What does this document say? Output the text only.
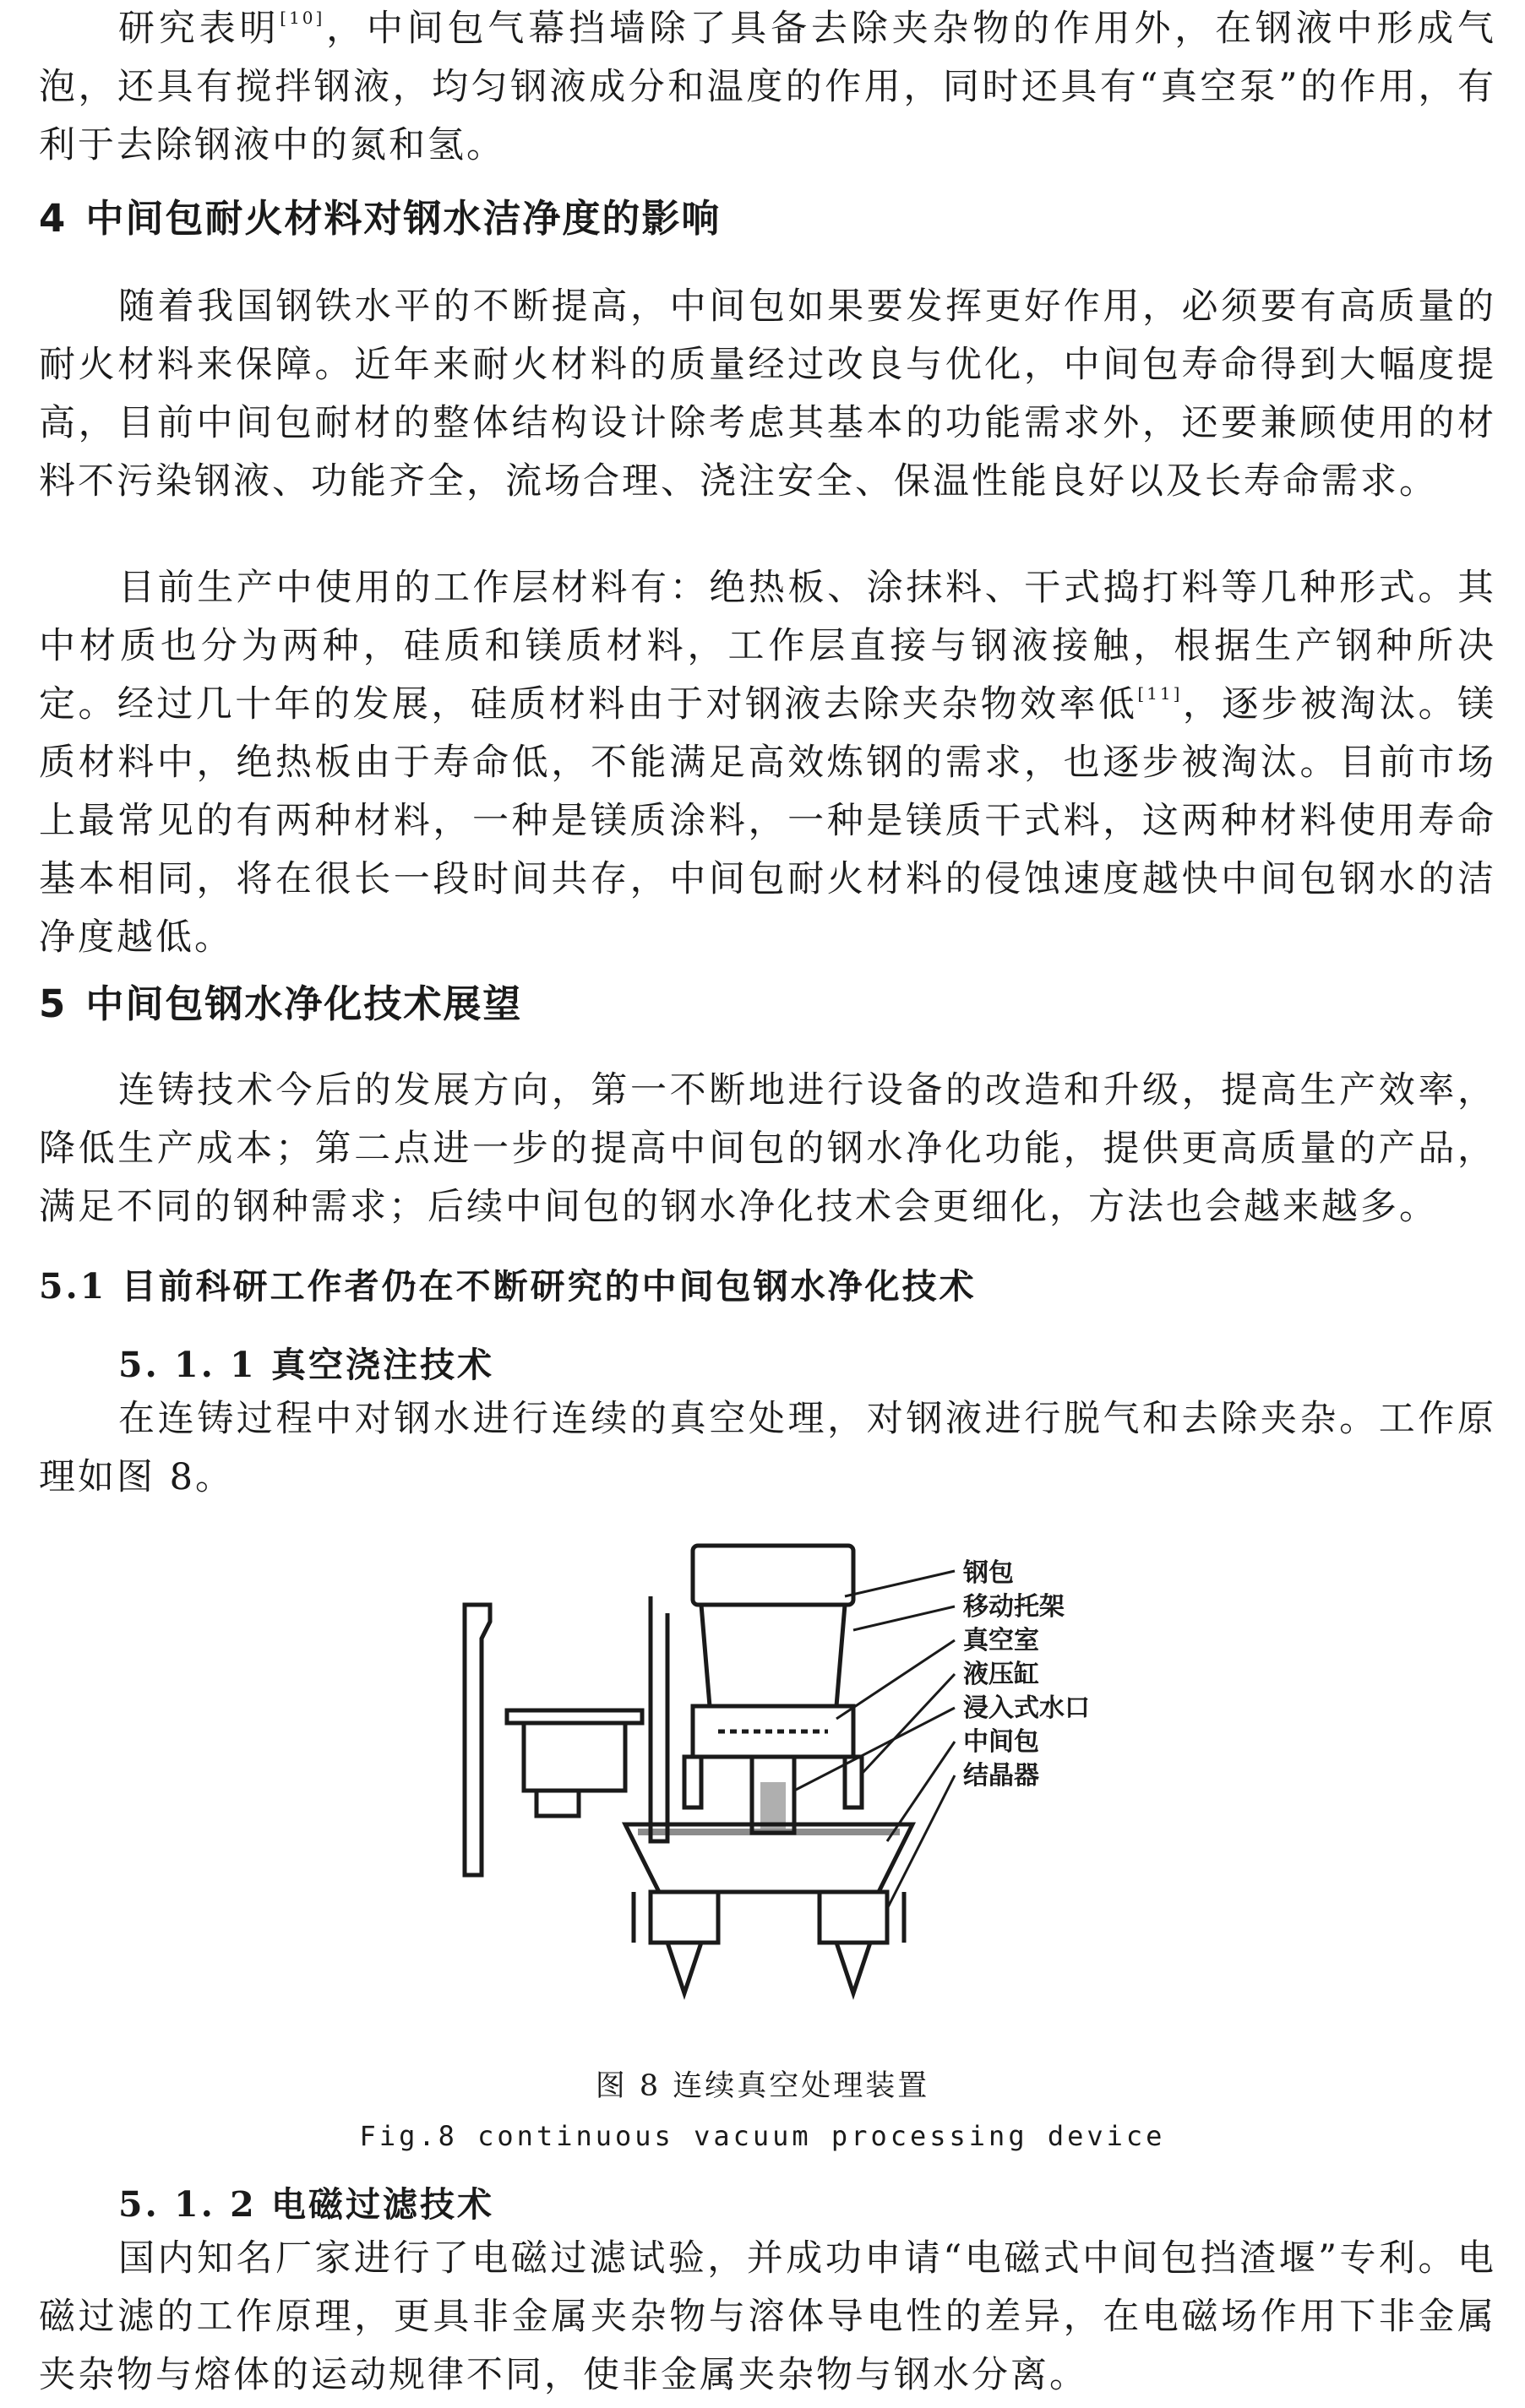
研究表明[10]，中间包气幕挡墙除了具备去除夹杂物的作用外，在钢液中形成气泡，还具有搅拌钢液，均匀钢液成分和温度的作用，同时还具有“真空泵”的作用，有利于去除钢液中的氮和氢。

4 中间包耐火材料对钢水洁净度的影响

随着我国钢铁水平的不断提高，中间包如果要发挥更好作用，必须要有高质量的耐火材料来保障。近年来耐火材料的质量经过改良与优化，中间包寿命得到大幅度提高，目前中间包耐材的整体结构设计除考虑其基本的功能需求外，还要兼顾使用的材料不污染钢液、功能齐全，流场合理、浇注安全、保温性能良好以及长寿命需求。

目前生产中使用的工作层材料有：绝热板、涂抹料、干式捣打料等几种形式。其中材质也分为两种，硅质和镁质材料，工作层直接与钢液接触，根据生产钢种所决定。经过几十年的发展，硅质材料由于对钢液去除夹杂物效率低[11]，逐步被淘汰。镁质材料中，绝热板由于寿命低，不能满足高效炼钢的需求，也逐步被淘汰。目前市场上最常见的有两种材料，一种是镁质涂料，一种是镁质干式料，这两种材料使用寿命基本相同，将在很长一段时间共存，中间包耐火材料的侵蚀速度越快中间包钢水的洁净度越低。

5 中间包钢水净化技术展望

连铸技术今后的发展方向，第一不断地进行设备的改造和升级，提高生产效率，降低生产成本；第二点进一步的提高中间包的钢水净化功能，提供更高质量的产品，满足不同的钢种需求；后续中间包的钢水净化技术会更细化，方法也会越来越多。

5.1 目前科研工作者仍在不断研究的中间包钢水净化技术
5. 1. 1 真空浇注技术

在连铸过程中对钢水进行连续的真空处理，对钢液进行脱气和去除夹杂。工作原理如图 8。

图 8 连续真空处理装置

Fig.8 continuous vacuum processing device

5. 1. 2 电磁过滤技术

国内知名厂家进行了电磁过滤试验，并成功申请“电磁式中间包挡渣堰”专利。电磁过滤的工作原理，更具非金属夹杂物与溶体导电性的差异，在电磁场作用下非金属夹杂物与熔体的运动规律不同，使非金属夹杂物与钢水分离。

钢包
移动托架
真空室
液压缸
浸入式水口
中间包
结晶器
